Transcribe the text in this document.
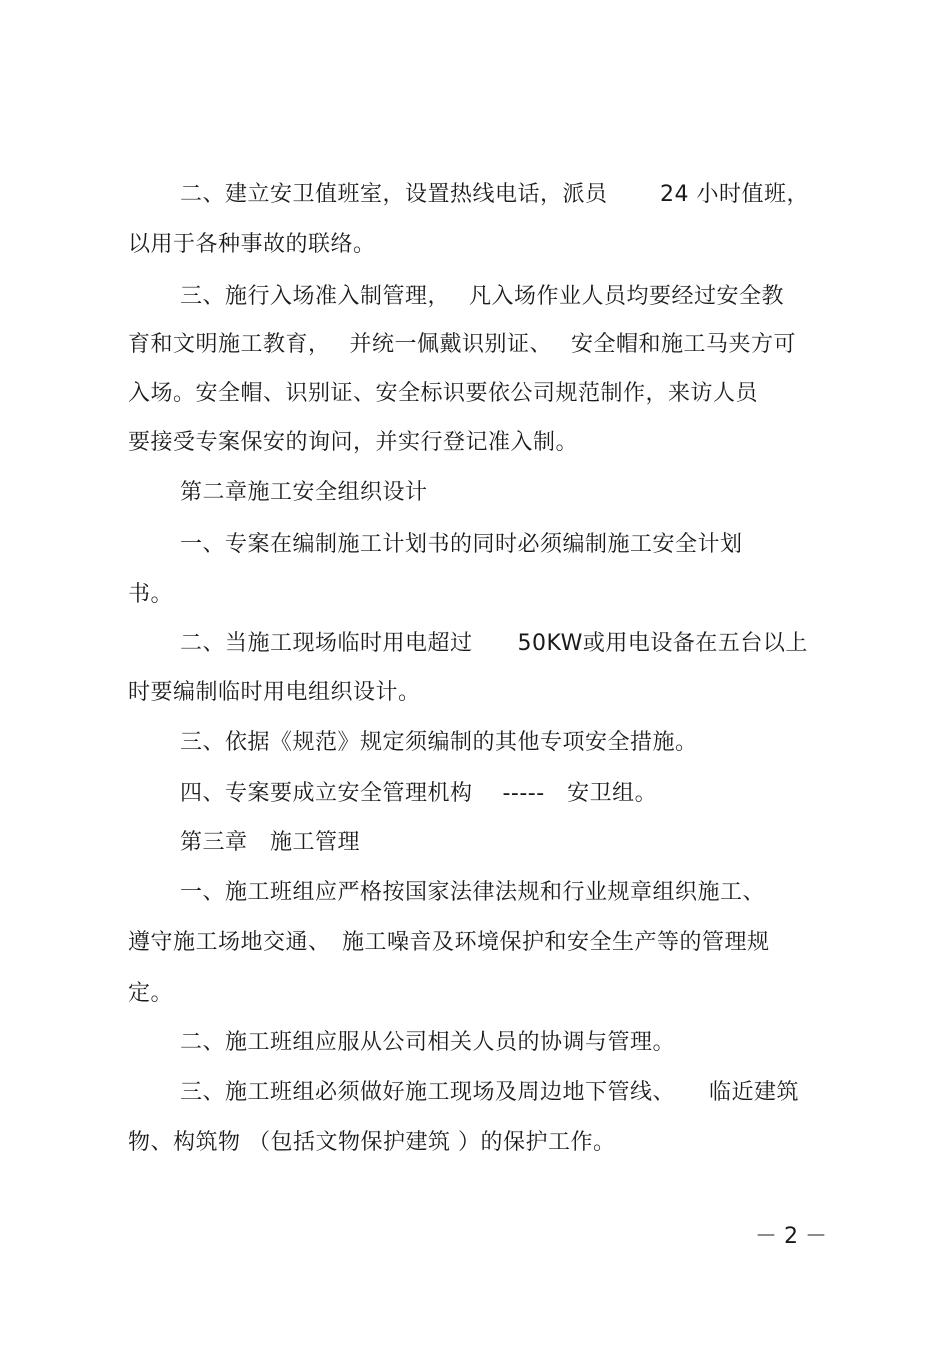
二、建立安卫值班室，设置热线电话，派员　　 24 小时值班，
以用于各种事故的联络。
三、施行入场准入制管理，　 凡入场作业人员均要经过安全教
育和文明施工教育，　 并统一佩戴识别证、　 安全帽和施工马夹方可
入场。安全帽、识别证、安全标识要依公司规范制作，来访人员
要接受专案保安的询问，并实行登记准入制。
第二章施工安全组织设计
一、专案在编制施工计划书的同时必须编制施工安全计划
书。
二、当施工现场临时用电超过　　50KW或用电设备在五台以上
时要编制临时用电组织设计。
三、依据《规范》规定须编制的其他专项安全措施。
四、专案要成立安全管理机构　 -----　安卫组。
第三章　施工管理
一、施工班组应严格按国家法律法规和行业规章组织施工、
遵守施工场地交通、　施工噪音及环境保护和安全生产等的管理规
定。
二、施工班组应服从公司相关人员的协调与管理。
三、施工班组必须做好施工现场及周边地下管线、　　临近建筑
物、构筑物 （包括文物保护建筑 ）的保护工作。
－ 2 －
